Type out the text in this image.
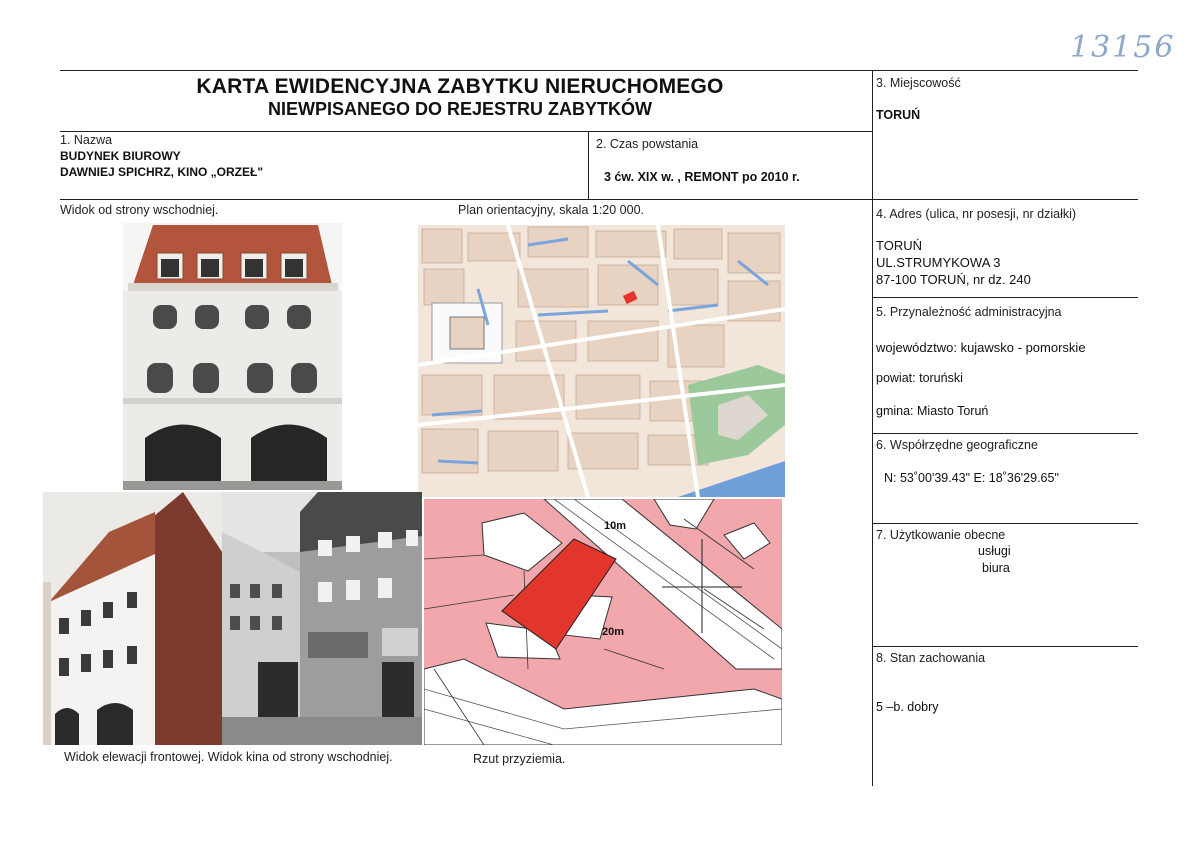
13156
KARTA EWIDENCYJNA ZABYTKU NIERUCHOMEGO
NIEWPISANEGO DO REJESTRU ZABYTKÓW
1. Nazwa
BUDYNEK BIUROWY
DAWNIEJ SPICHRZ, KINO „ORZEŁ"
2. Czas powstania
3 ćw. XIX w. , REMONT po 2010 r.
3. Miejscowość
TORUŃ
4. Adres (ulica, nr posesji, nr działki)
TORUŃ
UL.STRUMYKOWA 3
87-100 TORUŃ, nr dz. 240
5. Przynależność administracyjna
województwo: kujawsko - pomorskie
powiat: toruński
gmina: Miasto Toruń
6. Współrzędne geograficzne
N: 53˚00'39.43" E: 18˚36'29.65"
7. Użytkowanie obecne
usługi
biura
8. Stan zachowania
5 –b. dobry
Widok od strony wschodniej.	Plan orientacyjny, skala 1:20 000.
Widok elewacji frontowej. Widok kina od strony wschodniej.	Rzut przyziemia.
10m
20m
